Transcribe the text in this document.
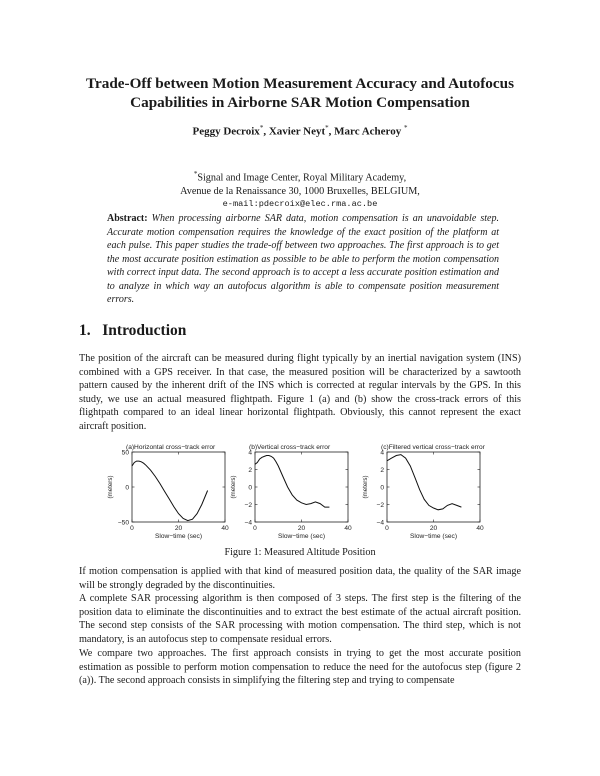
Trade-Off between Motion Measurement Accuracy and Autofocus
Capabilities in Airborne SAR Motion Compensation
Peggy Decroix*, Xavier Neyt*, Marc Acheroy *
*Signal and Image Center, Royal Military Academy,
Avenue de la Renaissance 30, 1000 Bruxelles, BELGIUM,
e-mail:pdecroix@elec.rma.ac.be
Abstract: When processing airborne SAR data, motion compensation is an unavoidable step. Accurate motion compensation requires the knowledge of the exact position of the platform at each pulse. This paper studies the trade-off between two approaches. The first approach is to get the most accurate position estimation as possible to be able to perform the motion compensation with correct input data. The second approach is to accept a less accurate position estimation and to analyze in which way an autofocus algorithm is able to compensate position measurement errors.
1. Introduction
The position of the aircraft can be measured during flight typically by an inertial navigation system (INS) combined with a GPS receiver. In that case, the measured position will be characterized by a sawtooth pattern caused by the inherent drift of the INS which is corrected at regular intervals by the GPS. In this study, we use an actual measured flightpath. Figure 1 (a) and (b) show the cross-track errors of this flightpath compared to an ideal linear horizontal flightpath. Obviously, this cannot represent the exact aircraft position.
(a)Horizontal cross−track error
0	20	40
−50
0
50
Slow−time (sec)
(meters)
(b)Vertical cross−track error
0	20	40
−4
−2
0
2
4
Slow−time (sec)
(meters)
(c)Filtered vertical cross−track error
0	20	40
−4
−2
0
2
4
Slow−time (sec)
(meters)
Figure 1: Measured Altitude Position
If motion compensation is applied with that kind of measured position data, the quality of the SAR image will be strongly degraded by the discontinuities.
A complete SAR processing algorithm is then composed of 3 steps. The first step is the filtering of the position data to eliminate the discontinuities and to extract the best estimate of the actual aircraft position. The second step consists of the SAR processing with motion compensation. The third step, which is not mandatory, is an autofocus step to compensate residual errors.
We compare two approaches. The first approach consists in trying to get the most accurate position estimation as possible to perform motion compensation to reduce the need for the autofocus step (figure 2 (a)). The second approach consists in simplifying the filtering step and trying to compensate
